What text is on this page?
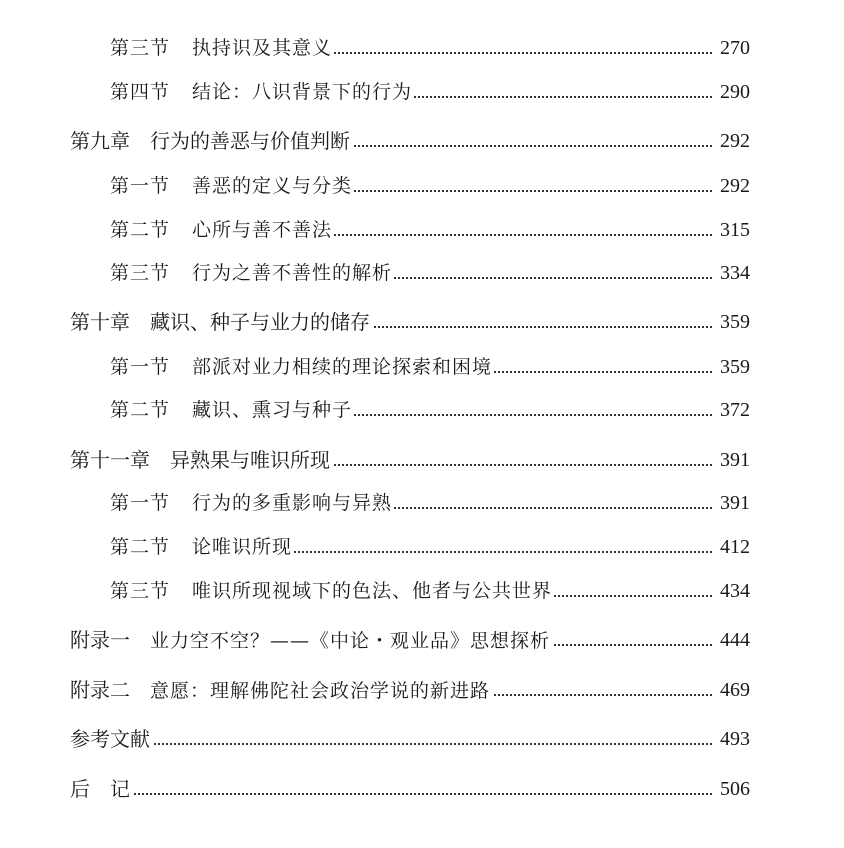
第三节 执持识及其意义	270
第四节 结论：八识背景下的行为	290
第九章 行为的善恶与价值判断	292
第一节 善恶的定义与分类	292
第二节 心所与善不善法	315
第三节 行为之善不善性的解析	334
第十章 藏识、种子与业力的储存	359
第一节 部派对业力相续的理论探索和困境	359
第二节 藏识、熏习与种子	372
第十一章 异熟果与唯识所现	391
第一节 行为的多重影响与异熟	391
第二节 论唯识所现	412
第三节 唯识所现视域下的色法、他者与公共世界	434
附录一 业力空不空？——《中论・观业品》思想探析	444
附录二 意愿：理解佛陀社会政治学说的新进路	469
参考文献	493
后　记	506
